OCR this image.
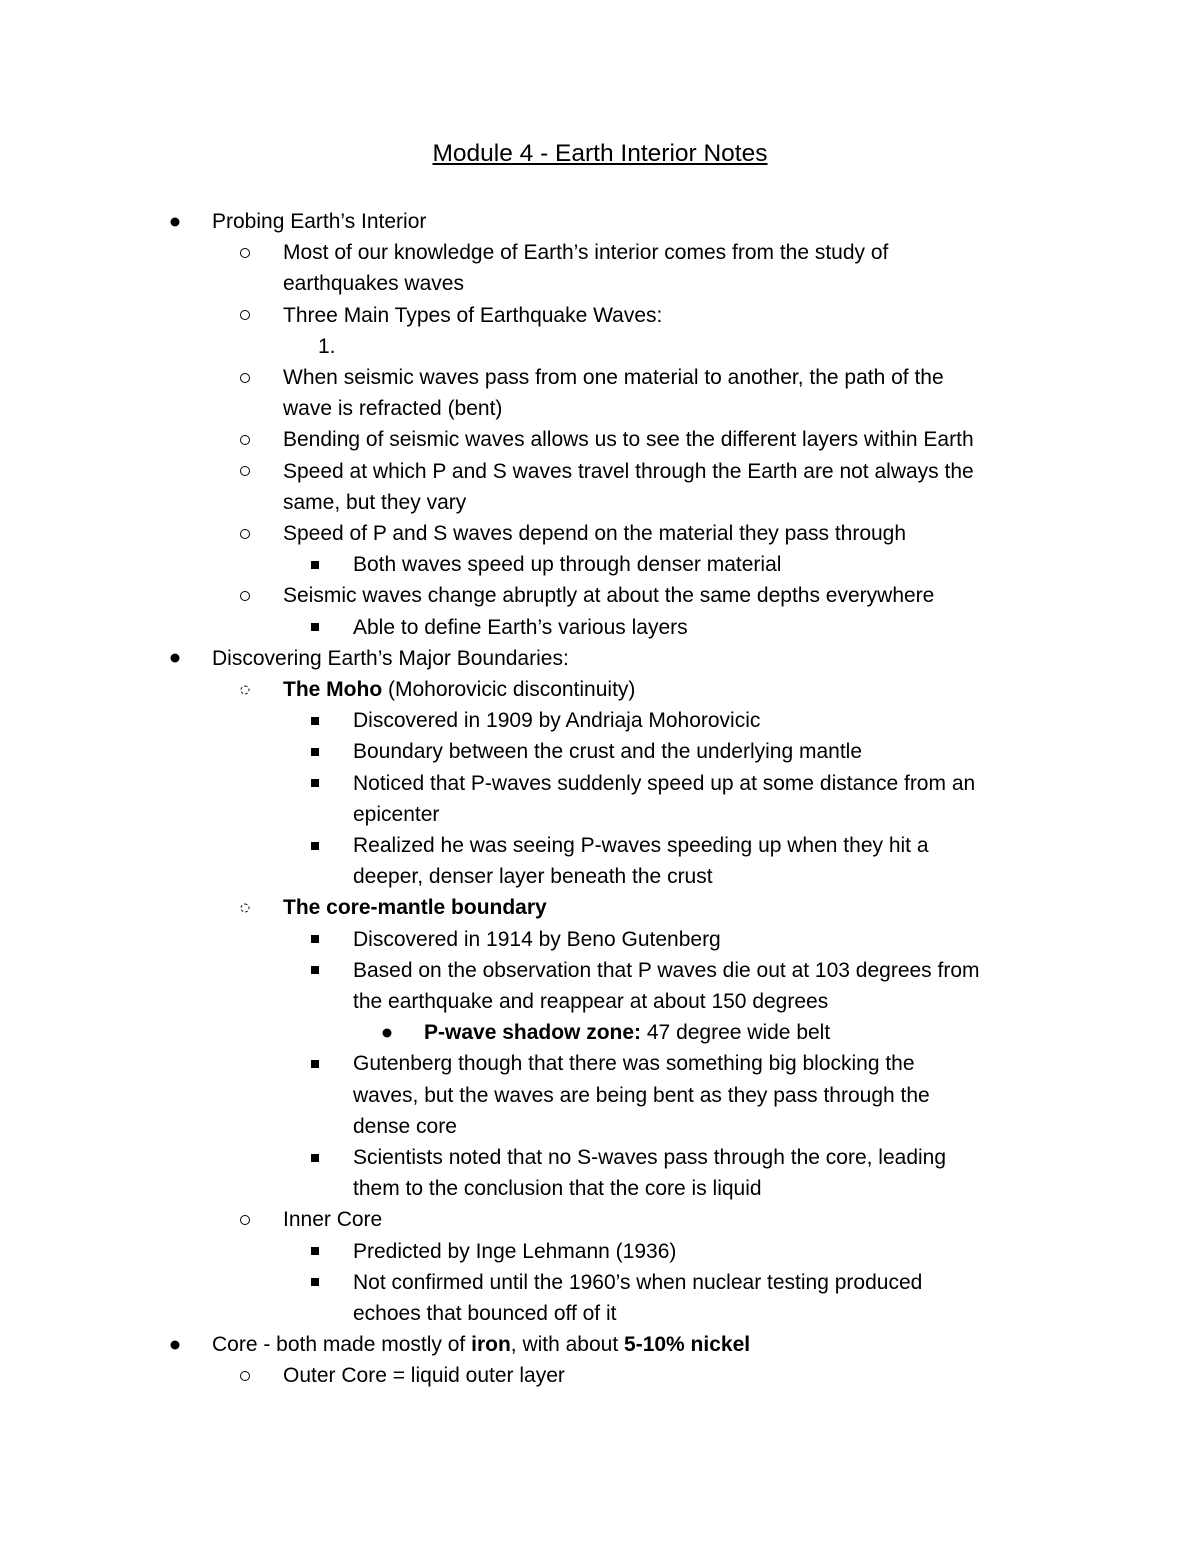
Module 4 - Earth Interior Notes
Probing Earth’s Interior
Most of our knowledge of Earth’s interior comes from the study of
earthquakes waves
Three Main Types of Earthquake Waves:
1.
When seismic waves pass from one material to another, the path of the
wave is refracted (bent)
Bending of seismic waves allows us to see the different layers within Earth
Speed at which P and S waves travel through the Earth are not always the
same, but they vary
Speed of P and S waves depend on the material they pass through
Both waves speed up through denser material
Seismic waves change abruptly at about the same depths everywhere
Able to define Earth’s various layers
Discovering Earth’s Major Boundaries:
The Moho (Mohorovicic discontinuity)
Discovered in 1909 by Andriaja Mohorovicic
Boundary between the crust and the underlying mantle
Noticed that P-waves suddenly speed up at some distance from an
epicenter
Realized he was seeing P-waves speeding up when they hit a
deeper, denser layer beneath the crust
The core-mantle boundary
Discovered in 1914 by Beno Gutenberg
Based on the observation that P waves die out at 103 degrees from
the earthquake and reappear at about 150 degrees
P-wave shadow zone: 47 degree wide belt
Gutenberg though that there was something big blocking the
waves, but the waves are being bent as they pass through the
dense core
Scientists noted that no S-waves pass through the core, leading
them to the conclusion that the core is liquid
Inner Core
Predicted by Inge Lehmann (1936)
Not confirmed until the 1960’s when nuclear testing produced
echoes that bounced off of it
Core - both made mostly of iron, with about 5-10% nickel
Outer Core = liquid outer layer
